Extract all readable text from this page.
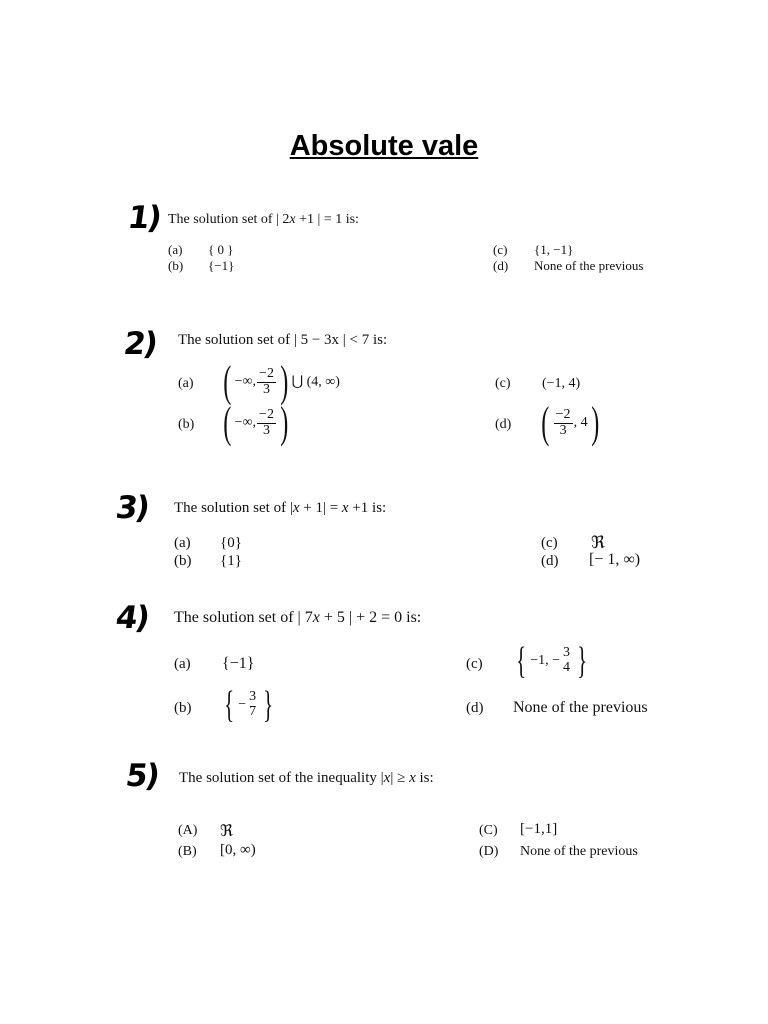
Absolute vale
1) The solution set of | 2x +1 | = 1 is:
(a) { 0 }
(b) {−1}
(c) {1, −1}
(d) None of the previous
2) The solution set of | 5 − 3x | < 7 is:
(a) ( −∞, $\frac{-2}{3}$ ) ⋃ (4, ∞)
(b) ( −∞, $\frac{-2}{3}$ )
(c) (−1, 4)
(d) ( $\frac{-2}{3}$ , 4)
3) The solution set of |x + 1| = x +1 is:
(a) {0}
(b) {1}
(c) ℜ
(d) [− 1, ∞)
4) The solution set of | 7x + 5 | + 2 = 0 is:
(a) {−1}
(b) { −
3
7 }
(c) { −1, −
3
4 }
(d) None of the previous
5) The solution set of the inequality |x| ≥ x is:
(A) ℜ
(B) [0, ∞)
(C) [−1,1]
(D) None of the previous
